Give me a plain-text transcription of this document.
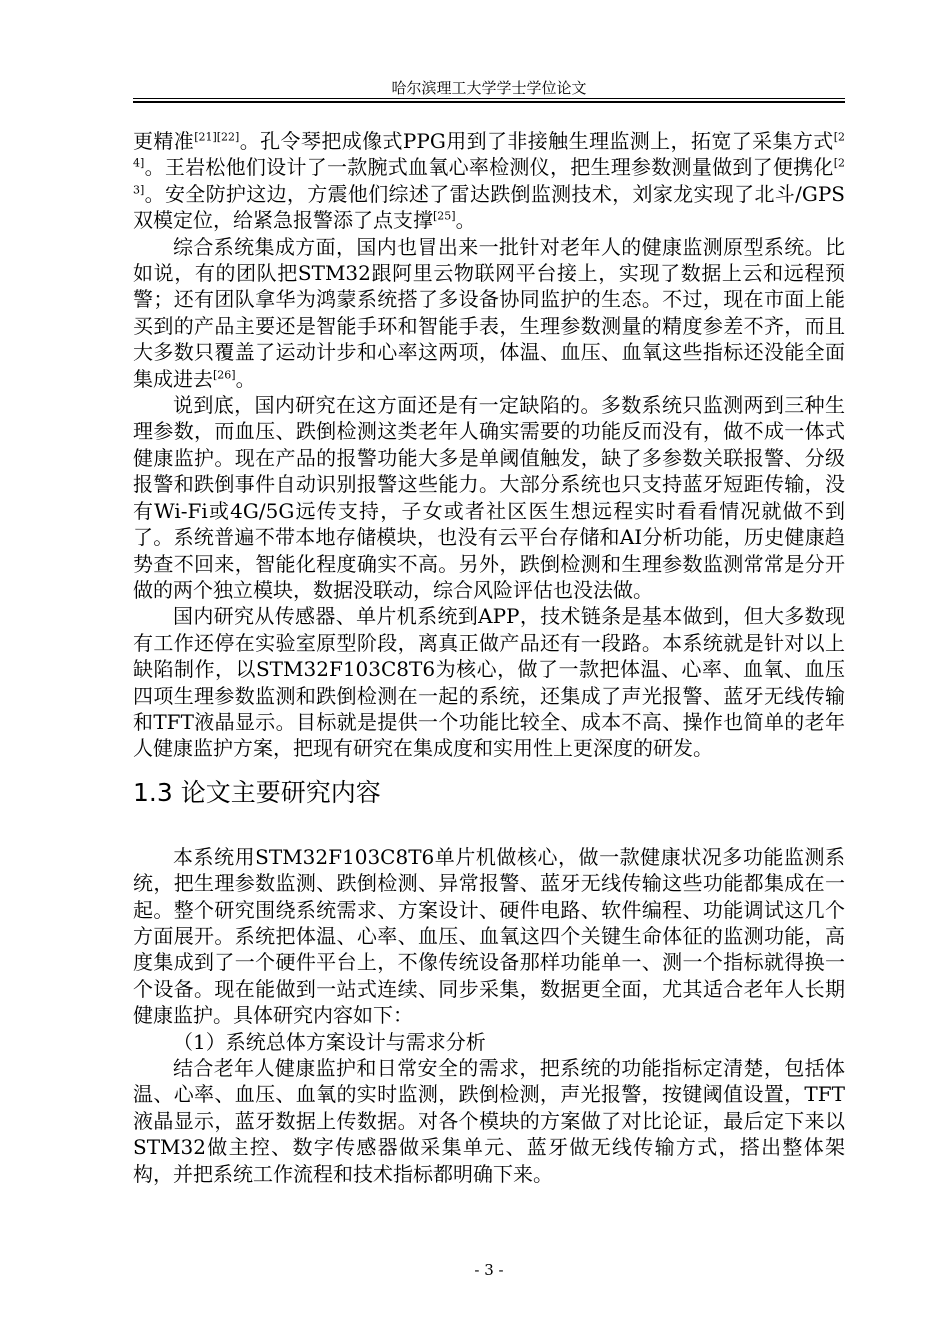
哈尔滨理工大学学士学位论文

更精准[21][22]。孔令琴把成像式PPG用到了非接触生理监测上，拓宽了采集方式[24]。王岩松他们设计了一款腕式血氧心率检测仪，把生理参数测量做到了便携化[23]。安全防护这边，方震他们综述了雷达跌倒监测技术，刘家龙实现了北斗/GPS双模定位，给紧急报警添了点支撑[25]。

综合系统集成方面，国内也冒出来一批针对老年人的健康监测原型系统。比如说，有的团队把STM32跟阿里云物联网平台接上，实现了数据上云和远程预警；还有团队拿华为鸿蒙系统搭了多设备协同监护的生态。不过，现在市面上能买到的产品主要还是智能手环和智能手表，生理参数测量的精度参差不齐，而且大多数只覆盖了运动计步和心率这两项，体温、血压、血氧这些指标还没能全面集成进去[26]。

说到底，国内研究在这方面还是有一定缺陷的。多数系统只监测两到三种生理参数，而血压、跌倒检测这类老年人确实需要的功能反而没有，做不成一体式健康监护。现在产品的报警功能大多是单阈值触发，缺了多参数关联报警、分级报警和跌倒事件自动识别报警这些能力。大部分系统也只支持蓝牙短距传输，没有Wi-Fi或4G/5G远传支持，子女或者社区医生想远程实时看看情况就做不到了。系统普遍不带本地存储模块，也没有云平台存储和AI分析功能，历史健康趋势查不回来，智能化程度确实不高。另外，跌倒检测和生理参数监测常常是分开做的两个独立模块，数据没联动，综合风险评估也没法做。

国内研究从传感器、单片机系统到APP，技术链条是基本做到，但大多数现有工作还停在实验室原型阶段，离真正做产品还有一段路。本系统就是针对以上缺陷制作，以STM32F103C8T6为核心，做了一款把体温、心率、血氧、血压四项生理参数监测和跌倒检测在一起的系统，还集成了声光报警、蓝牙无线传输和TFT液晶显示。目标就是提供一个功能比较全、成本不高、操作也简单的老年人健康监护方案，把现有研究在集成度和实用性上更深度的研发。

1.3 论文主要研究内容

本系统用STM32F103C8T6单片机做核心，做一款健康状况多功能监测系统，把生理参数监测、跌倒检测、异常报警、蓝牙无线传输这些功能都集成在一起。整个研究围绕系统需求、方案设计、硬件电路、软件编程、功能调试这几个方面展开。系统把体温、心率、血压、血氧这四个关键生命体征的监测功能，高度集成到了一个硬件平台上，不像传统设备那样功能单一、测一个指标就得换一个设备。现在能做到一站式连续、同步采集，数据更全面，尤其适合老年人长期健康监护。具体研究内容如下：

（1）系统总体方案设计与需求分析

结合老年人健康监护和日常安全的需求，把系统的功能指标定清楚，包括体温、心率、血压、血氧的实时监测，跌倒检测，声光报警，按键阈值设置，TFT液晶显示，蓝牙数据上传数据。对各个模块的方案做了对比论证，最后定下来以STM32做主控、数字传感器做采集单元、蓝牙做无线传输方式，搭出整体架构，并把系统工作流程和技术指标都明确下来。

- 3 -
